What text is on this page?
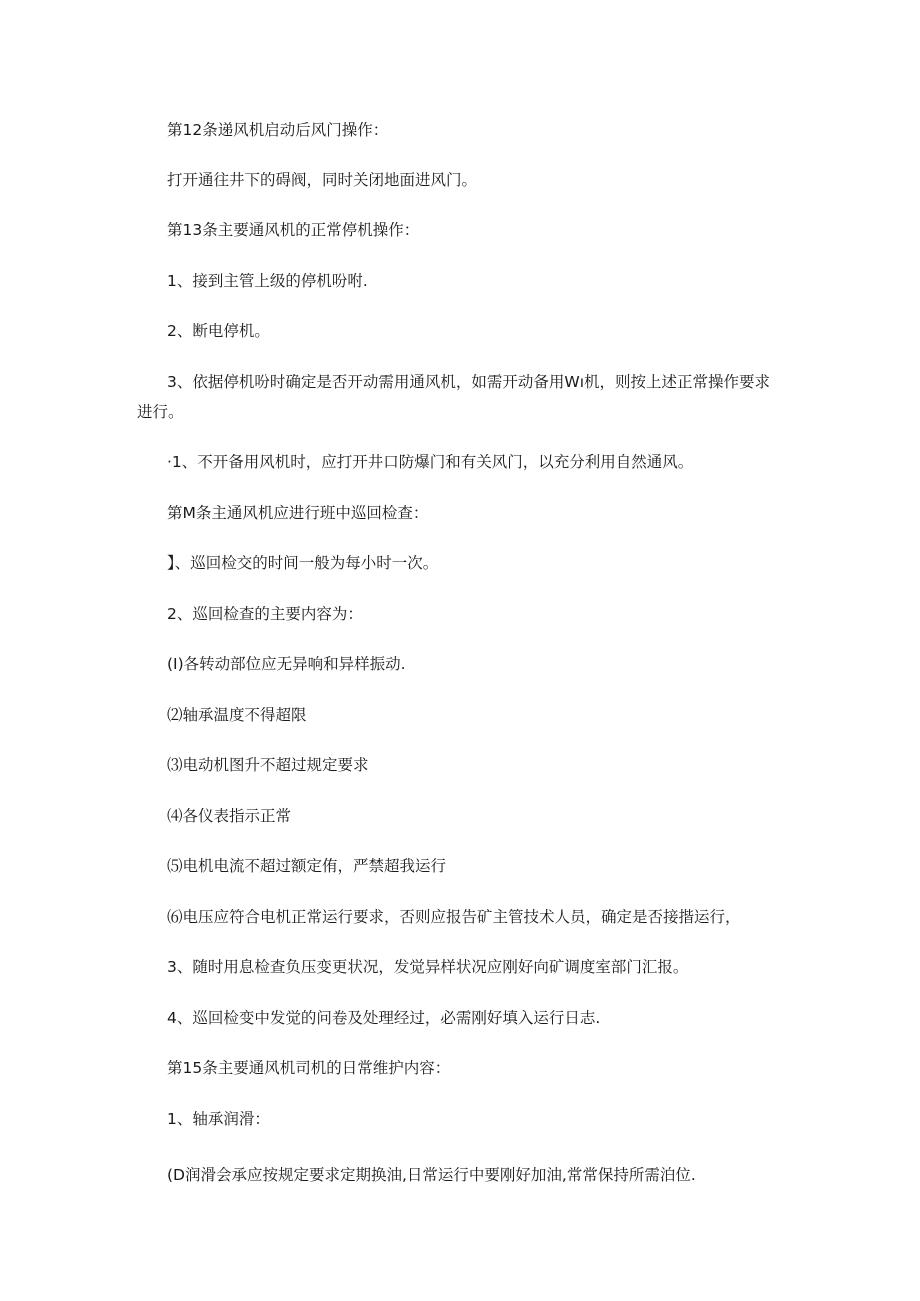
第12条递风机启动后风门操作：

打开通往井下的碍阀，同时关闭地面进风门。

第13条主要通风机的正常停机操作：

1、接到主管上级的停机吩咐.

2、断电停机。

3、依据停机吩时确定是否开动需用通风机，如需开动备用Wı机，则按上述正常操作要求

进行。

·1、不开备用风机时，应打开井口防爆门和有关风门，以充分利用自然通风。

第M条主通风机应进行班中巡回检查：

】、巡回检交的时间一般为每小时一次。

2、巡回检查的主要内容为：

(I)各转动部位应无异响和异样振动.

⑵轴承温度不得超限

⑶电动机图升不超过规定要求

⑷各仪表指示正常

⑸电机电流不超过额定侑，严禁超我运行

⑹电压应符合电机正常运行要求，否则应报告矿主管技术人员，确定是否接揩运行，

3、随时用息检查负压变更状况，发觉异样状况应刚好向矿调度室部门汇报。

4、巡回检变中发觉的问卷及处理经过，必需刚好填入运行日志.

第15条主要通风机司机的日常维护内容：

1、轴承润滑：

(D润滑会承应按规定要求定期换油,日常运行中要刚好加油,常常保持所需泊位.
